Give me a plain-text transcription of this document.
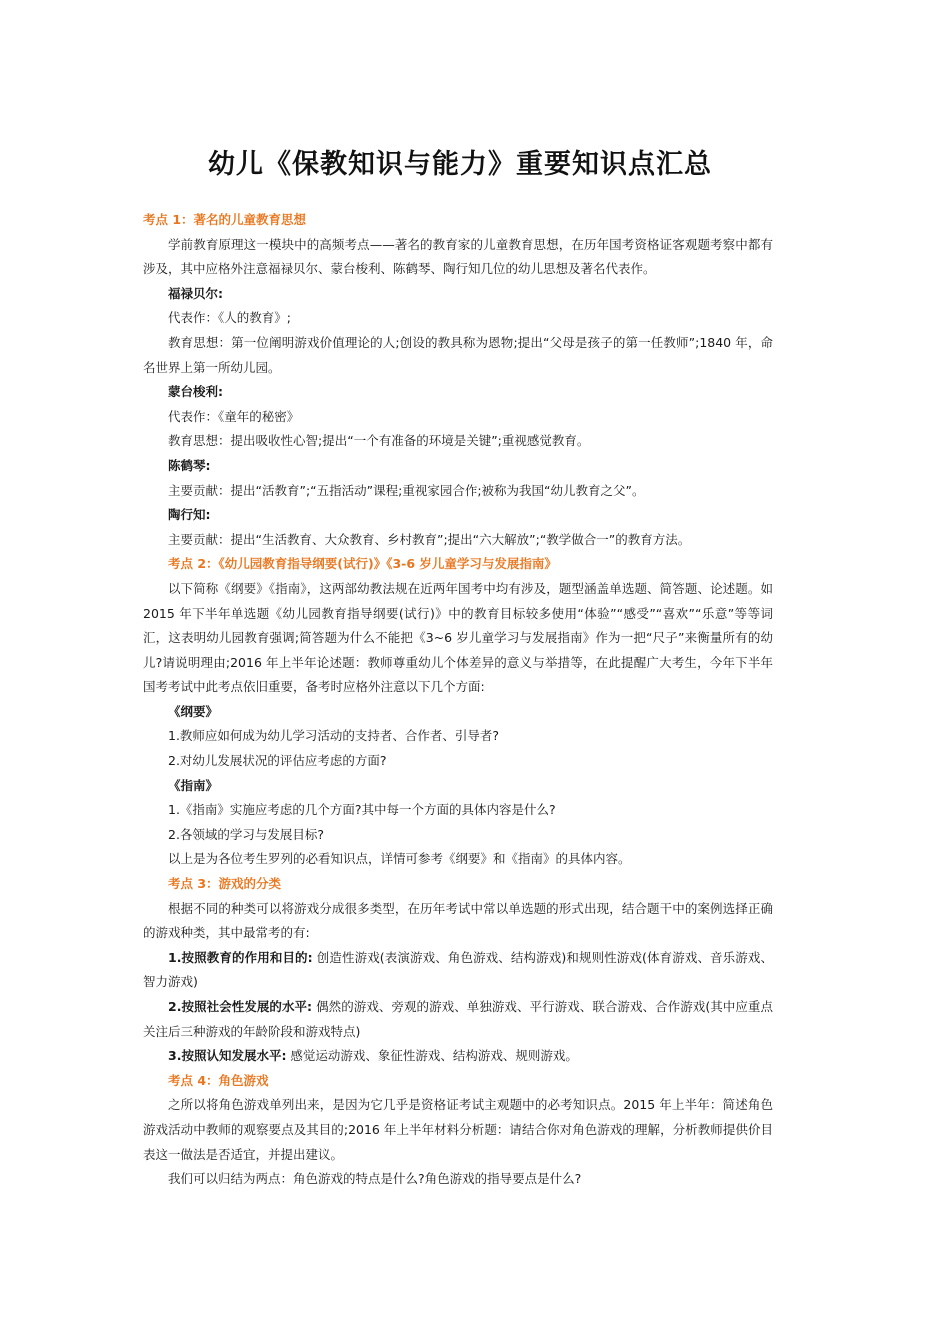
幼儿《保教知识与能力》重要知识点汇总

考点 1：著名的儿童教育思想

学前教育原理这一模块中的高频考点——著名的教育家的儿童教育思想，在历年国考资格证客观题考察中都有涉及，其中应格外注意福禄贝尔、蒙台梭利、陈鹤琴、陶行知几位的幼儿思想及著名代表作。

福禄贝尔:

代表作：《人的教育》;

教育思想：第一位阐明游戏价值理论的人;创设的教具称为恩物;提出“父母是孩子的第一任教师”;1840 年，命名世界上第一所幼儿园。

蒙台梭利:

代表作：《童年的秘密》

教育思想：提出吸收性心智;提出“一个有准备的环境是关键”;重视感觉教育。

陈鹤琴:

主要贡献：提出“活教育”;“五指活动”课程;重视家园合作;被称为我国“幼儿教育之父”。

陶行知:

主要贡献：提出“生活教育、大众教育、乡村教育”;提出“六大解放”;“教学做合一”的教育方法。

考点 2：《幼儿园教育指导纲要(试行)》《3-6 岁儿童学习与发展指南》

以下简称《纲要》《指南》，这两部幼教法规在近两年国考中均有涉及，题型涵盖单选题、简答题、论述题。如 2015 年下半年单选题《幼儿园教育指导纲要(试行)》中的教育目标较多使用“体验”“感受”“喜欢”“乐意”等等词汇，这表明幼儿园教育强调;简答题为什么不能把《3~6 岁儿童学习与发展指南》作为一把“尺子”来衡量所有的幼儿?请说明理由;2016 年上半年论述题：教师尊重幼儿个体差异的意义与举措等，在此提醒广大考生，今年下半年国考考试中此考点依旧重要，备考时应格外注意以下几个方面:

《纲要》

1.教师应如何成为幼儿学习活动的支持者、合作者、引导者?

2.对幼儿发展状况的评估应考虑的方面?

《指南》

1.《指南》实施应考虑的几个方面?其中每一个方面的具体内容是什么?

2.各领域的学习与发展目标?

以上是为各位考生罗列的必看知识点，详情可参考《纲要》和《指南》的具体内容。

考点 3：游戏的分类

根据不同的种类可以将游戏分成很多类型，在历年考试中常以单选题的形式出现，结合题干中的案例选择正确的游戏种类，其中最常考的有:

1.按照教育的作用和目的: 创造性游戏(表演游戏、角色游戏、结构游戏)和规则性游戏(体育游戏、音乐游戏、智力游戏)

2.按照社会性发展的水平: 偶然的游戏、旁观的游戏、单独游戏、平行游戏、联合游戏、合作游戏(其中应重点关注后三种游戏的年龄阶段和游戏特点)

3.按照认知发展水平: 感觉运动游戏、象征性游戏、结构游戏、规则游戏。

考点 4：角色游戏

之所以将角色游戏单列出来，是因为它几乎是资格证考试主观题中的必考知识点。2015 年上半年：简述角色游戏活动中教师的观察要点及其目的;2016 年上半年材料分析题：请结合你对角色游戏的理解，分析教师提供价目表这一做法是否适宜，并提出建议。

我们可以归结为两点：角色游戏的特点是什么?角色游戏的指导要点是什么?
